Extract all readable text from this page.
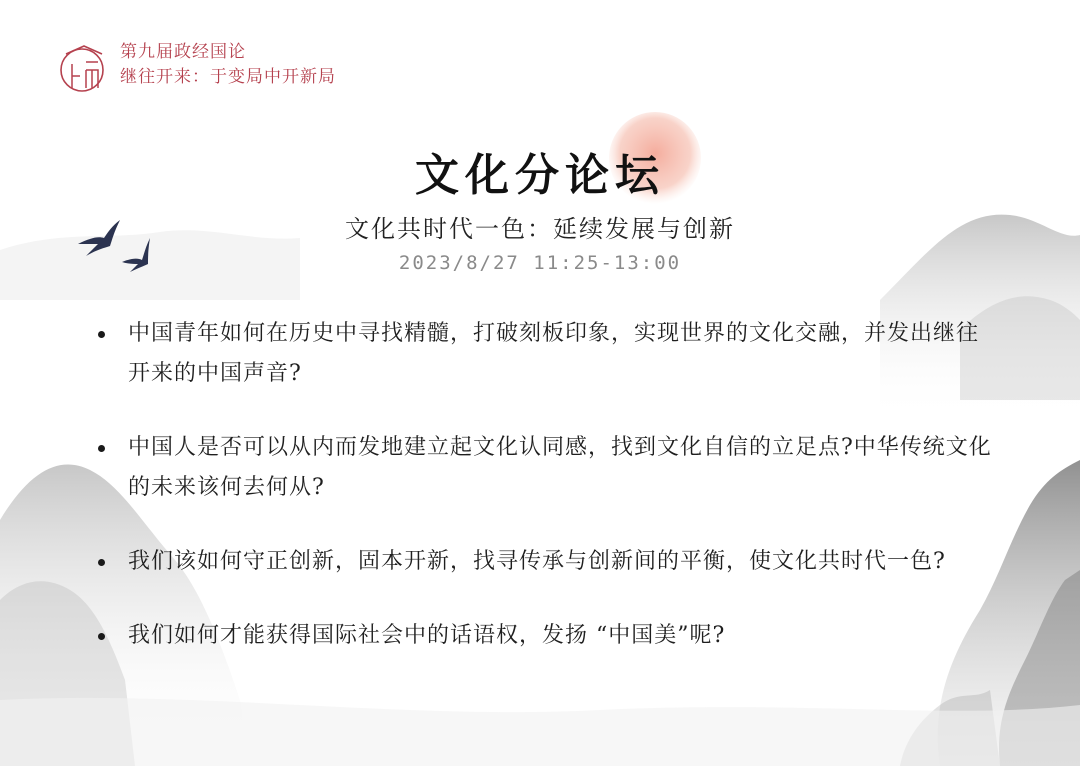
第九届政经国论
继往开来：于变局中开新局
文化分论坛
文化共时代一色：延续发展与创新
2023/8/27 11:25-13:00
中国青年如何在历史中寻找精髓，打破刻板印象，实现世界的文化交融，并发出继往开来的中国声音?
中国人是否可以从内而发地建立起文化认同感，找到文化自信的立足点?中华传统文化的未来该何去何从?
我们该如何守正创新，固本开新，找寻传承与创新间的平衡，使文化共时代一色?
我们如何才能获得国际社会中的话语权，发扬 “中国美”呢?
